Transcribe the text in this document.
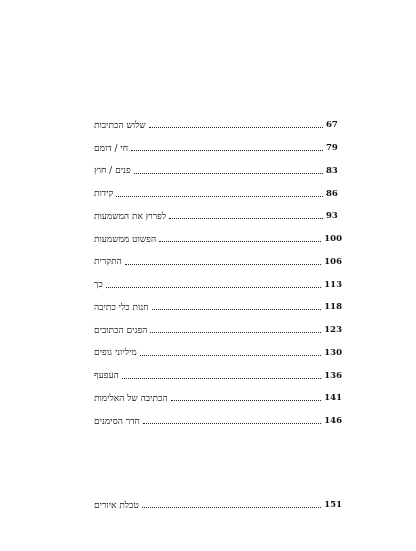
שלוש הכתיבות	67
חי / דומם	79
פנים / חוץ	83
קידות	86
לפרוץ את המשמעות	93
הפשוט ממשמעות	100
התקרית	106
כך	113
חנות כלי כתיבה	118
הפנים הכתובים	123
מיליוני גופים	130
העפעף	136
הכתיבה של האלימות	141
חדר הסימנים	146
טבלת איורים	151
